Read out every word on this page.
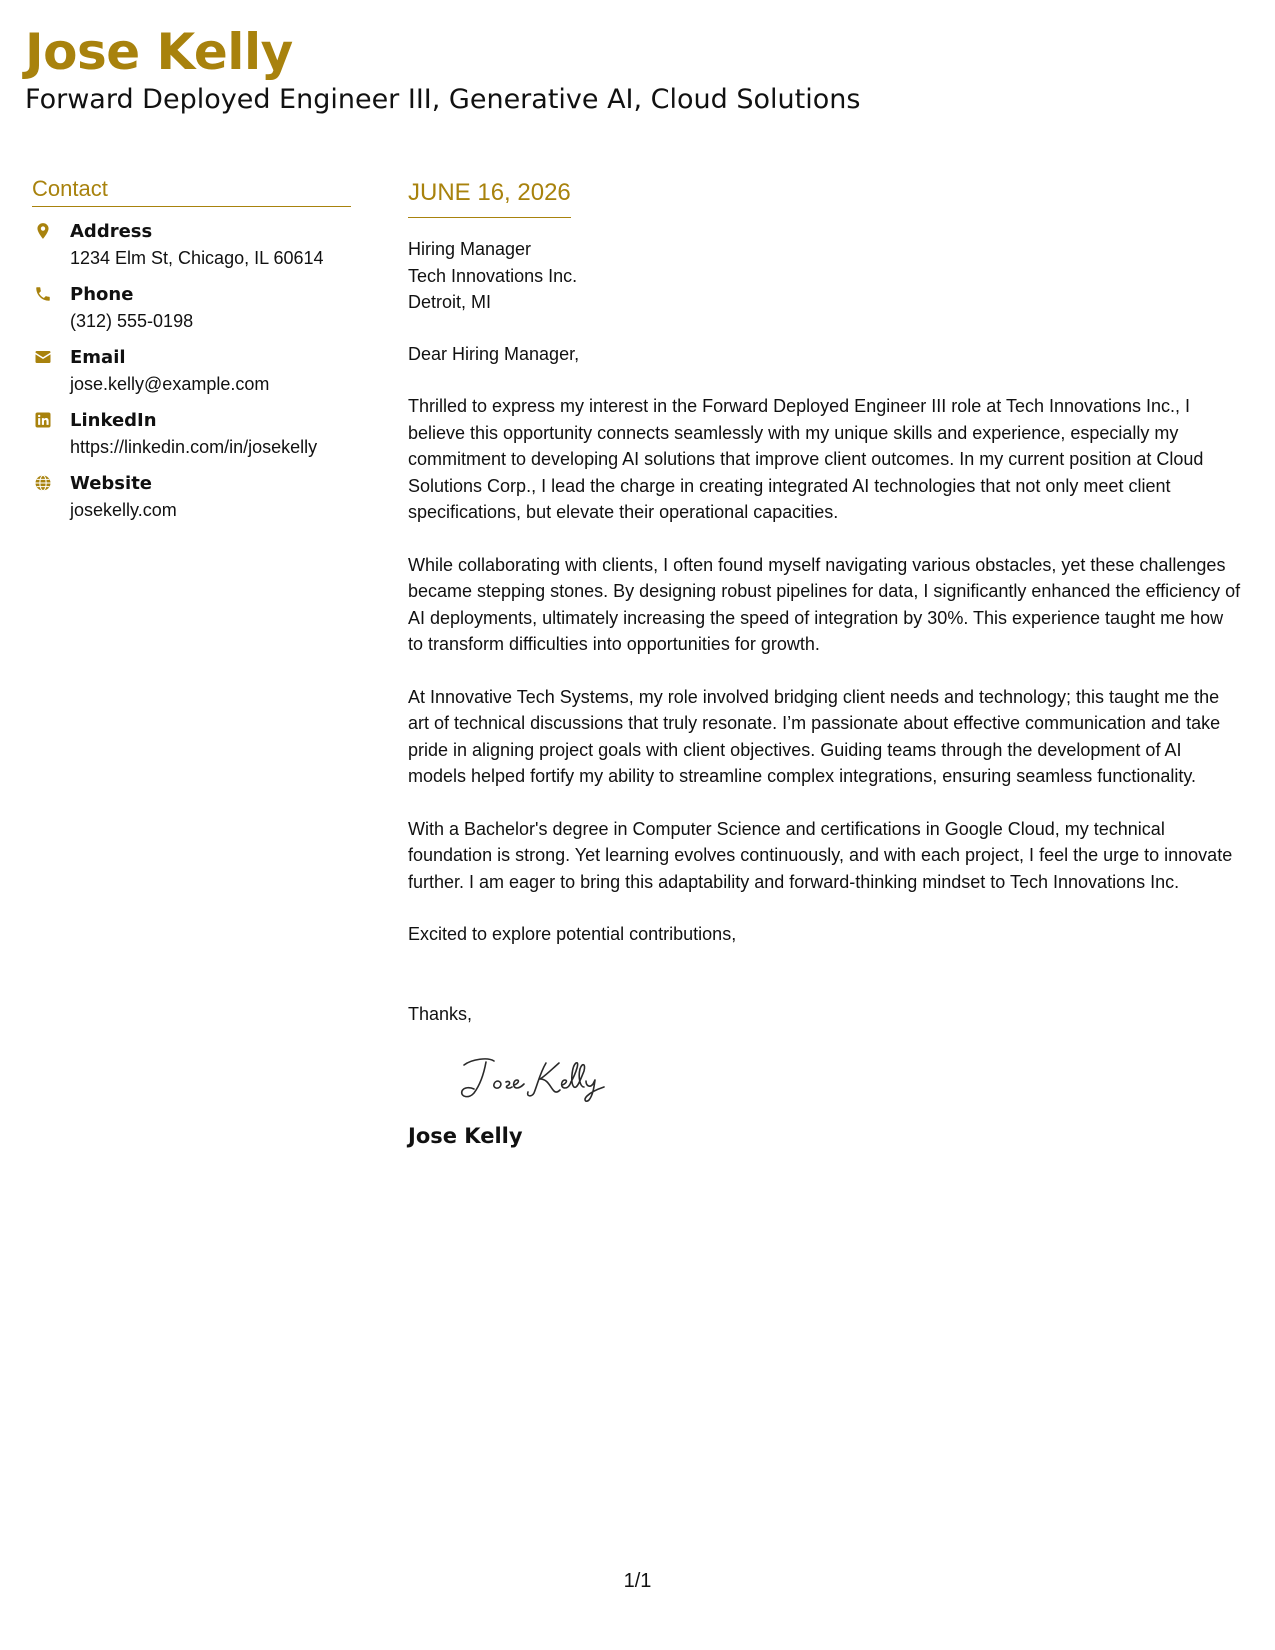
Jose Kelly
Forward Deployed Engineer III, Generative AI, Cloud Solutions
Contact
Address
1234 Elm St, Chicago, IL 60614
Phone
(312) 555-0198
Email
jose.kelly@example.com
LinkedIn
https://linkedin.com/in/josekelly
Website
josekelly.com
JUNE 16, 2026
Hiring Manager
Tech Innovations Inc.
Detroit, MI
Dear Hiring Manager,

Thrilled to express my interest in the Forward Deployed Engineer III role at Tech Innovations Inc., I believe this opportunity connects seamlessly with my unique skills and experience, especially my commitment to developing AI solutions that improve client outcomes. In my current position at Cloud Solutions Corp., I lead the charge in creating integrated AI technologies that not only meet client specifications, but elevate their operational capacities.

While collaborating with clients, I often found myself navigating various obstacles, yet these challenges became stepping stones. By designing robust pipelines for data, I significantly enhanced the efficiency of AI deployments, ultimately increasing the speed of integration by 30%. This experience taught me how to transform difficulties into opportunities for growth.

At Innovative Tech Systems, my role involved bridging client needs and technology; this taught me the art of technical discussions that truly resonate. I’m passionate about effective communication and take pride in aligning project goals with client objectives. Guiding teams through the development of AI models helped fortify my ability to streamline complex integrations, ensuring seamless functionality.

With a Bachelor's degree in Computer Science and certifications in Google Cloud, my technical foundation is strong. Yet learning evolves continuously, and with each project, I feel the urge to innovate further. I am eager to bring this adaptability and forward-thinking mindset to Tech Innovations Inc.

Excited to explore potential contributions,
Thanks,
Jose Kelly
1/1
